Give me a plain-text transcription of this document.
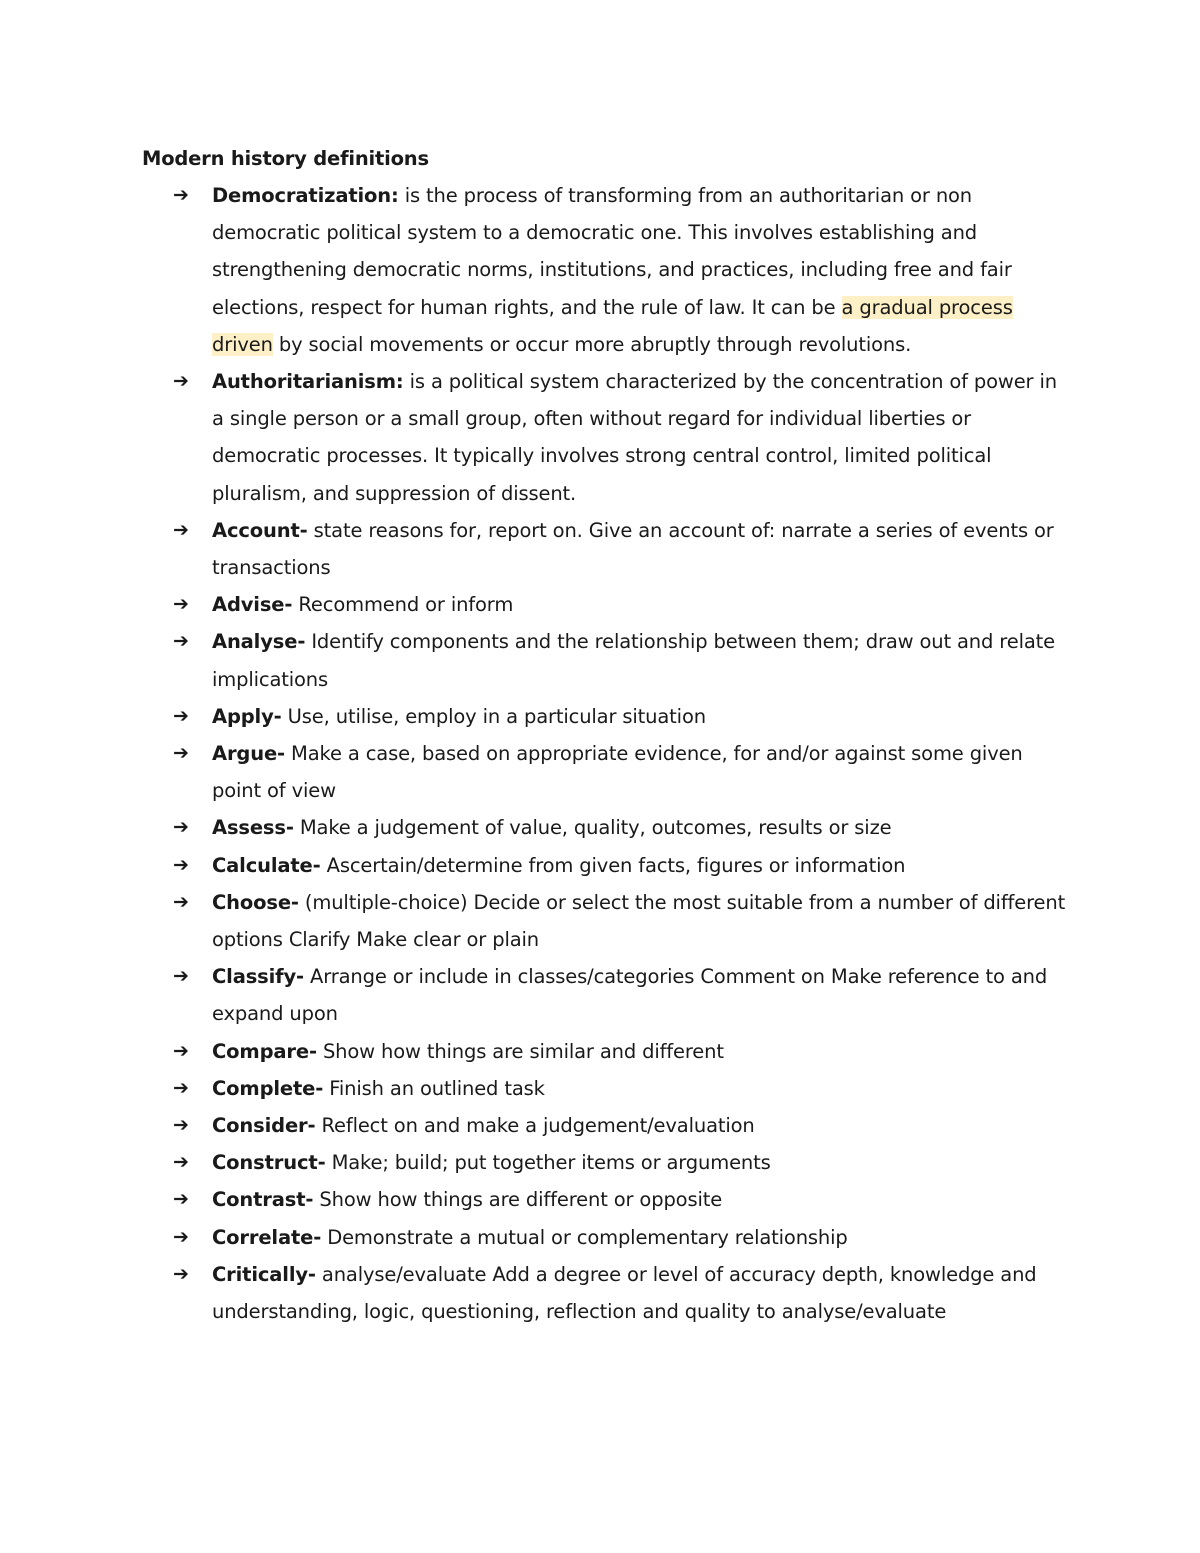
Modern history definitions
➔	Democratization: is the process of transforming from an authoritarian or non democratic political system to a democratic one. This involves establishing and strengthening democratic norms, institutions, and practices, including free and fair elections, respect for human rights, and the rule of law. It can be a gradual process driven by social movements or occur more abruptly through revolutions.
➔	Authoritarianism: is a political system characterized by the concentration of power in a single person or a small group, often without regard for individual liberties or democratic processes. It typically involves strong central control, limited political pluralism, and suppression of dissent.
➔	Account- state reasons for, report on. Give an account of: narrate a series of events or transactions
➔	Advise- Recommend or inform
➔	Analyse- Identify components and the relationship between them; draw out and relate implications
➔	Apply- Use, utilise, employ in a particular situation
➔	Argue- Make a case, based on appropriate evidence, for and/or against some given point of view
➔	Assess- Make a judgement of value, quality, outcomes, results or size
➔	Calculate- Ascertain/determine from given facts, figures or information
➔	Choose- (multiple-choice) Decide or select the most suitable from a number of different options Clarify Make clear or plain
➔	Classify- Arrange or include in classes/categories Comment on Make reference to and expand upon
➔	Compare- Show how things are similar and different
➔	Complete- Finish an outlined task
➔	Consider- Reflect on and make a judgement/evaluation
➔	Construct- Make; build; put together items or arguments
➔	Contrast- Show how things are different or opposite
➔	Correlate- Demonstrate a mutual or complementary relationship
➔	Critically- analyse/evaluate Add a degree or level of accuracy depth, knowledge and understanding, logic, questioning, reflection and quality to analyse/evaluate
